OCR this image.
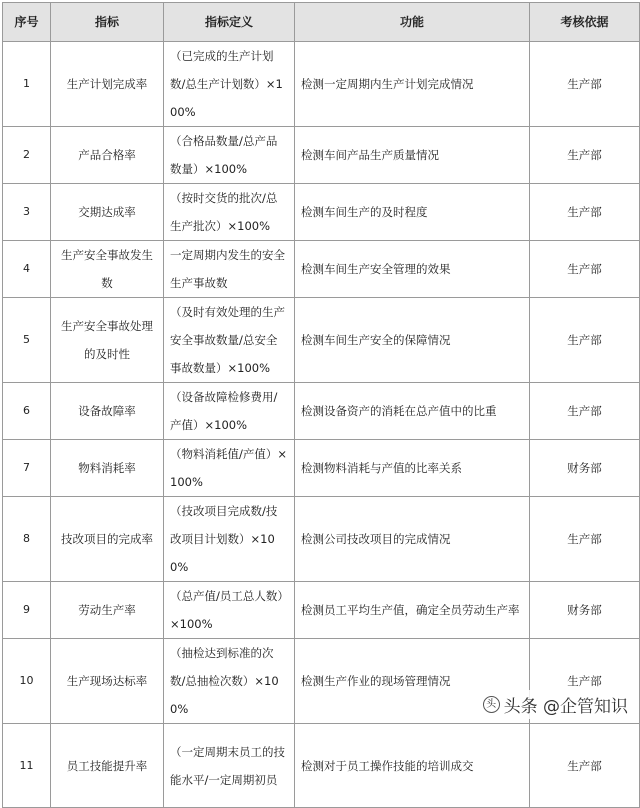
序号	指标	指标定义	功能	考核依据
1	生产计划完成率	（已完成的生产计划数/总生产计划数）×100%	检测一定周期内生产计划完成情况	生产部
2	产品合格率	（合格品数量/总产品数量）×100%	检测车间产品生产质量情况	生产部
3	交期达成率	（按时交货的批次/总生产批次）×100%	检测车间生产的及时程度	生产部
4	生产安全事故发生数	一定周期内发生的安全生产事故数	检测车间生产安全管理的效果	生产部
5	生产安全事故处理的及时性	（及时有效处理的生产安全事故数量/总安全事故数量）×100%	检测车间生产安全的保障情况	生产部
6	设备故障率	（设备故障检修费用/产值）×100%	检测设备资产的消耗在总产值中的比重	生产部
7	物料消耗率	（物料消耗值/产值）×100%	检测物料消耗与产值的比率关系	财务部
8	技改项目的完成率	（技改项目完成数/技改项目计划数）×100%	检测公司技改项目的完成情况	生产部
9	劳动生产率	（总产值/员工总人数）×100%	检测员工平均生产值，确定全员劳动生产率	财务部
10	生产现场达标率	（抽检达到标准的次数/总抽检次数）×100%	检测生产作业的现场管理情况	生产部
11	员工技能提升率	（一定周期末员工的技能水平/一定周期初员	检测对于员工操作技能的培训成交	生产部
头 头条 @企管知识
